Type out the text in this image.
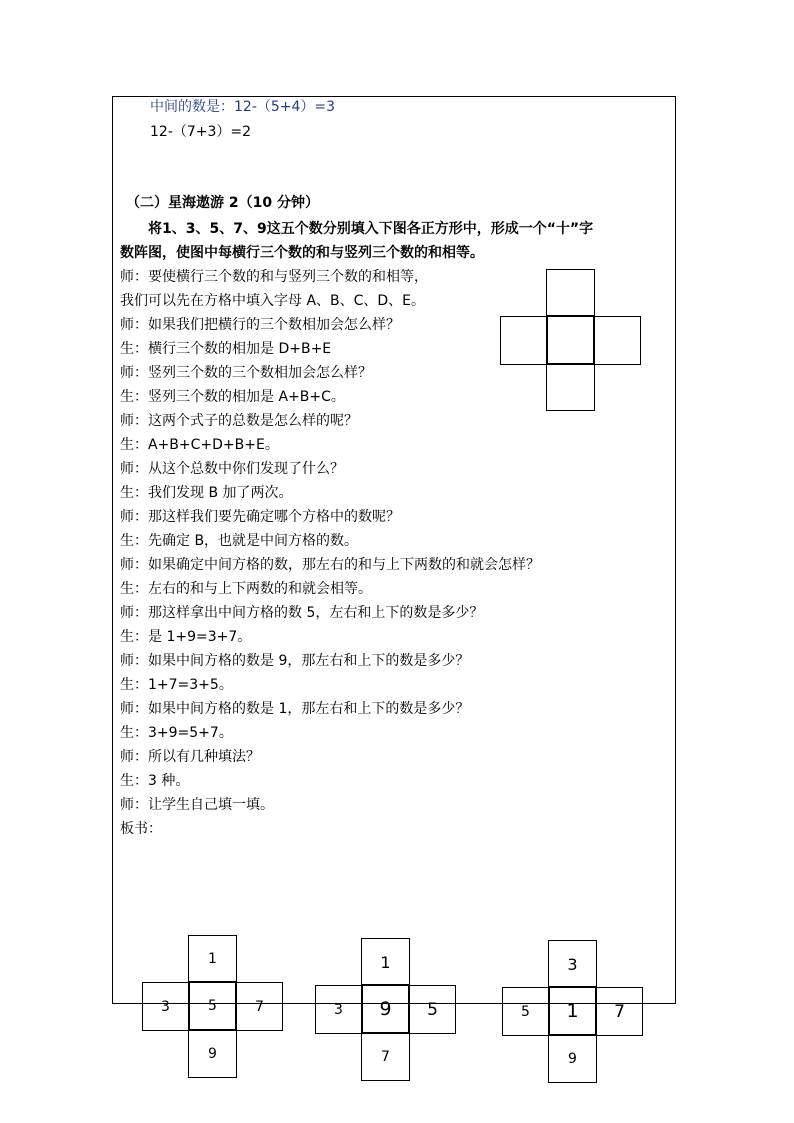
中间的数是：12-（5+4）=3
12-（7+3）=2
（二）星海遨游 2（10 分钟）
将1、3、5、7、9这五个数分别填入下图各正方形中，形成一个“十”字
数阵图，使图中每横行三个数的和与竖列三个数的和相等。
师：要使横行三个数的和与竖列三个数的和相等，
我们可以先在方格中填入字母 A、B、C、D、E。
师：如果我们把横行的三个数相加会怎么样？
生：横行三个数的相加是 D+B+E
师：竖列三个数的三个数相加会怎么样？
生：竖列三个数的相加是 A+B+C。
师：这两个式子的总数是怎么样的呢？
生：A+B+C+D+B+E。
师：从这个总数中你们发现了什么？
生：我们发现 B 加了两次。
师：那这样我们要先确定哪个方格中的数呢？
生：先确定 B，也就是中间方格的数。
师：如果确定中间方格的数，那左右的和与上下两数的和就会怎样？
生：左右的和与上下两数的和就会相等。
师：那这样拿出中间方格的数 5，左右和上下的数是多少？
生：是 1+9=3+7。
师：如果中间方格的数是 9，那左右和上下的数是多少？
生：1+7=3+5。
师：如果中间方格的数是 1，那左右和上下的数是多少？
生：3+9=5+7。
师：所以有几种填法？
生：3 种。
师：让学生自己填一填。
板书：
1
3	5	7
9
1
3	9	5
7
3
5	1	7
9
